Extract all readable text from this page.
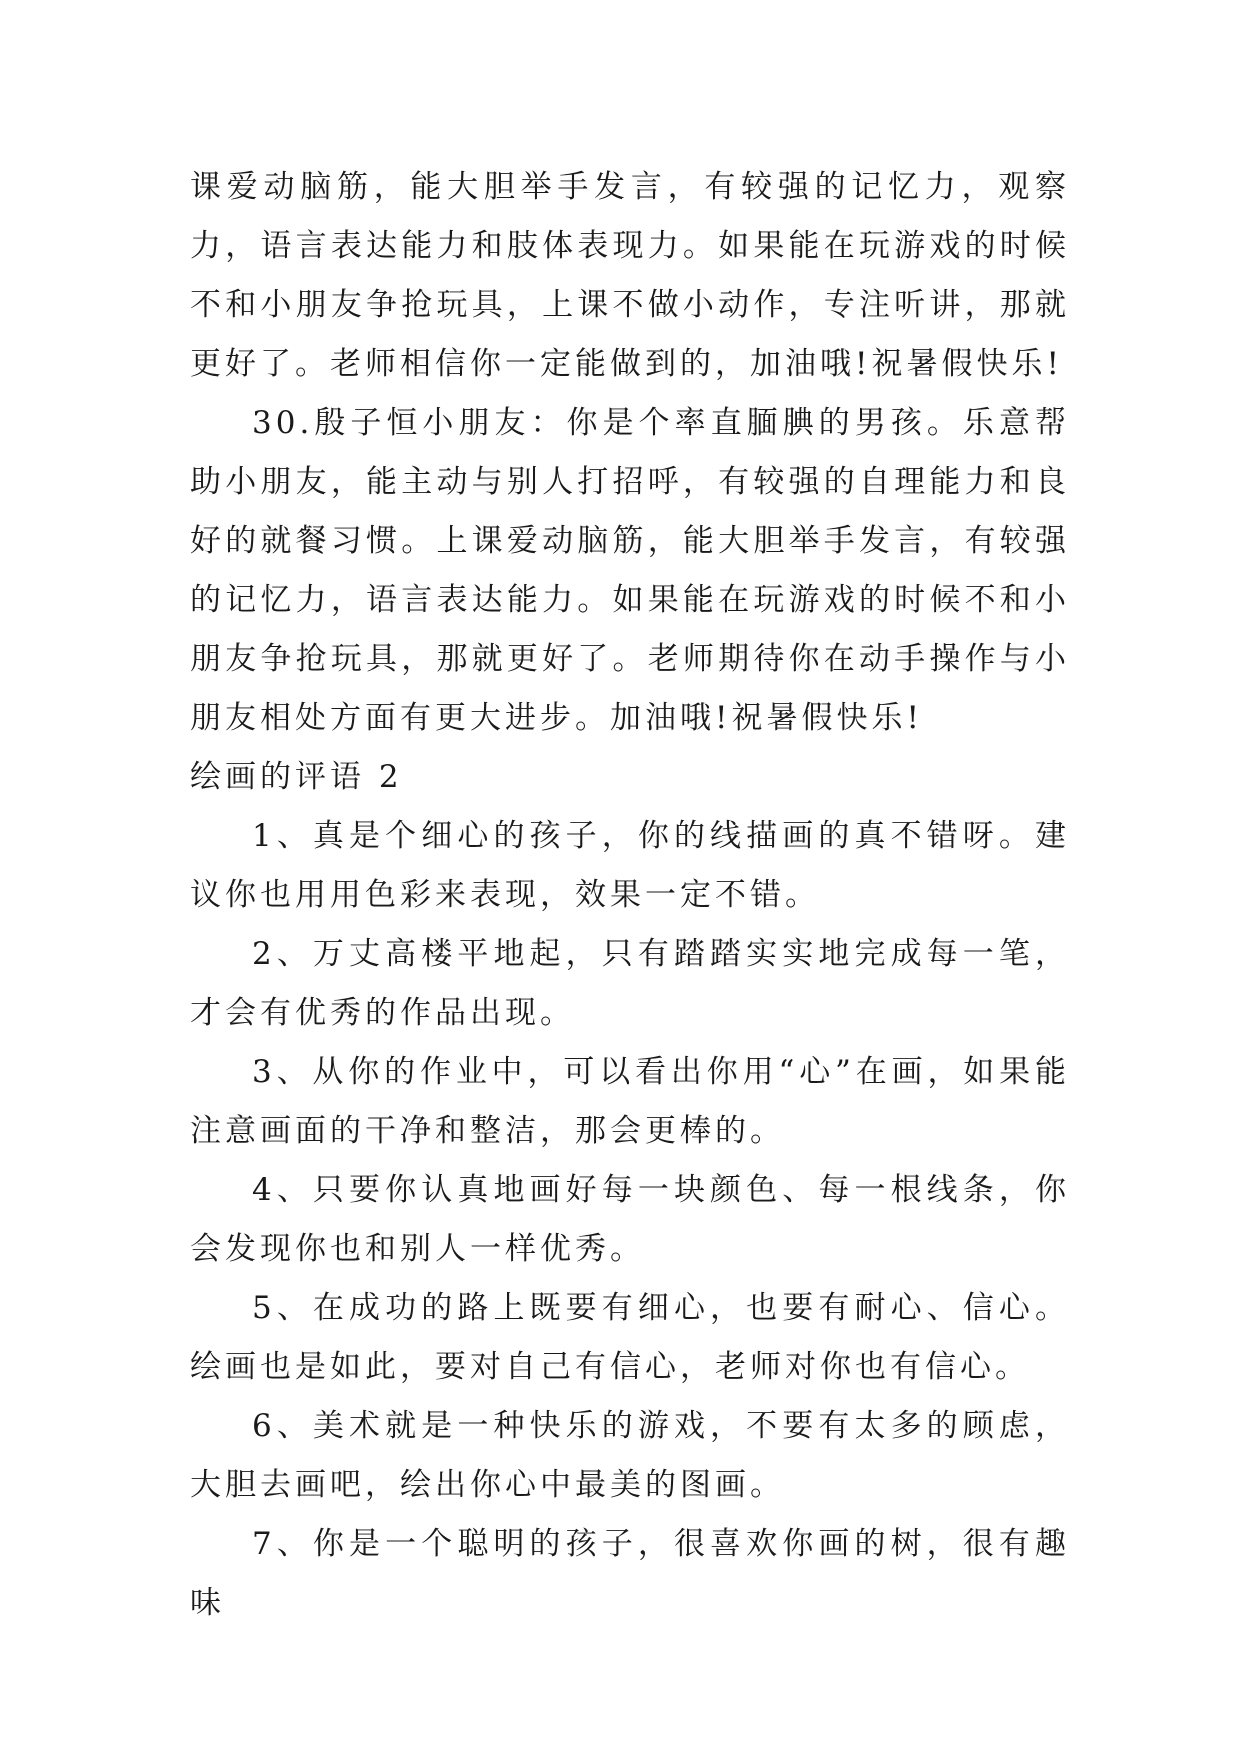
课爱动脑筋，能大胆举手发言，有较强的记忆力，观察力，语言表达能力和肢体表现力。如果能在玩游戏的时候不和小朋友争抢玩具，上课不做小动作，专注听讲，那就更好了。老师相信你一定能做到的，加油哦!祝暑假快乐!

30.殷子恒小朋友：你是个率直腼腆的男孩。乐意帮助小朋友，能主动与别人打招呼，有较强的自理能力和良好的就餐习惯。上课爱动脑筋，能大胆举手发言，有较强的记忆力，语言表达能力。如果能在玩游戏的时候不和小朋友争抢玩具，那就更好了。老师期待你在动手操作与小朋友相处方面有更大进步。加油哦!祝暑假快乐!

绘画的评语 2

1、真是个细心的孩子，你的线描画的真不错呀。建议你也用用色彩来表现，效果一定不错。

2、万丈高楼平地起，只有踏踏实实地完成每一笔，才会有优秀的作品出现。

3、从你的作业中，可以看出你用“心”在画，如果能注意画面的干净和整洁，那会更棒的。

4、只要你认真地画好每一块颜色、每一根线条，你会发现你也和别人一样优秀。

5、在成功的路上既要有细心，也要有耐心、信心。绘画也是如此，要对自己有信心，老师对你也有信心。

6、美术就是一种快乐的游戏，不要有太多的顾虑，大胆去画吧，绘出你心中最美的图画。

7、你是一个聪明的孩子，很喜欢你画的树，很有趣味
